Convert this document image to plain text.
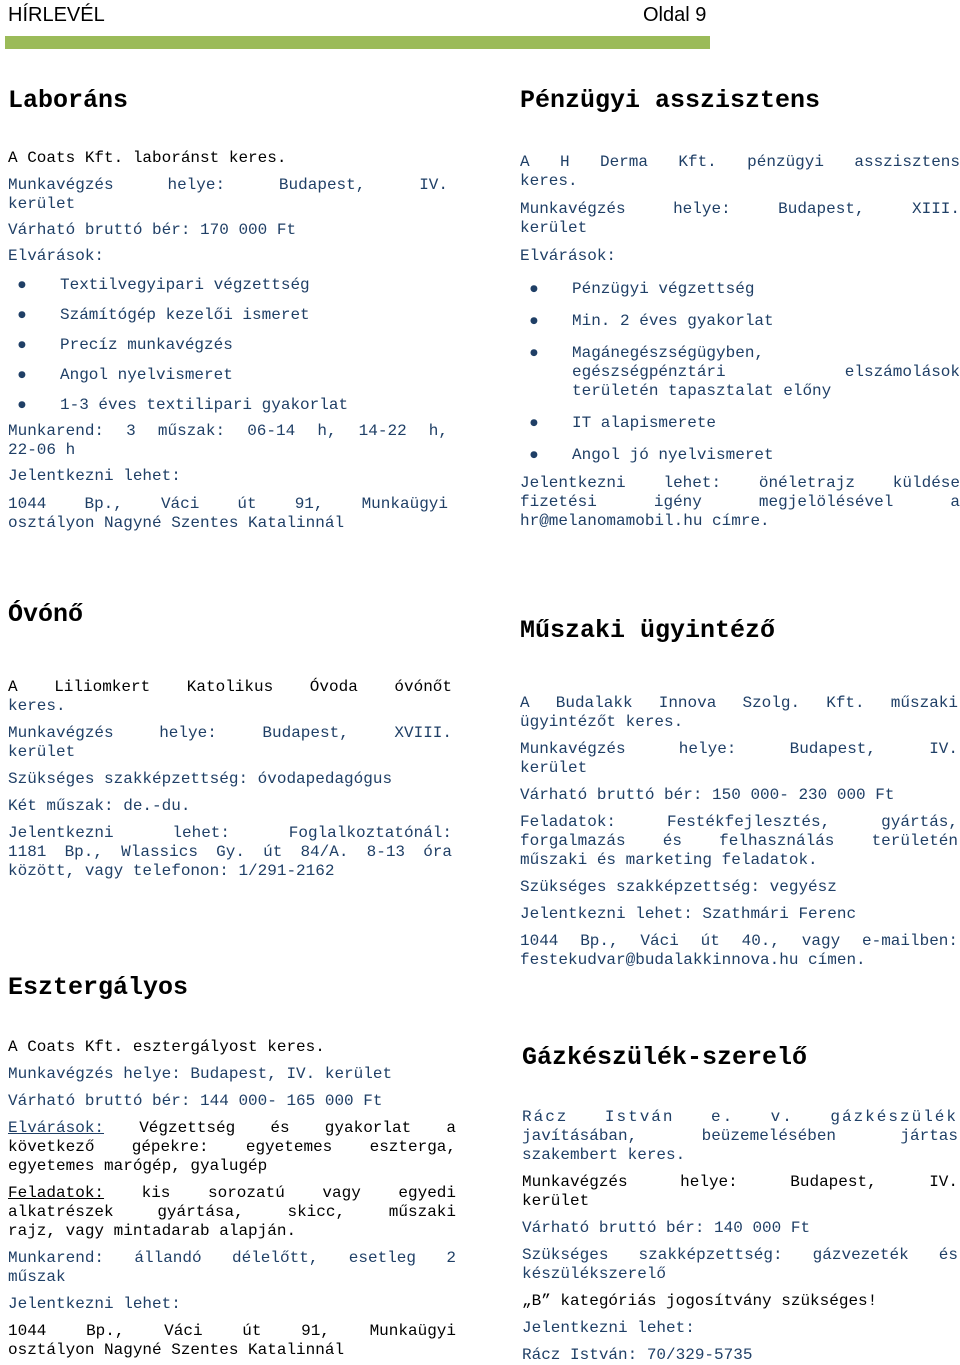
HÍRLEVÉL	Oldal 9

Laboráns

A Coats Kft. laboránst keres.

Munkavégzés helye: Budapest, IV.

kerület

Várható bruttó bér: 170 000 Ft

Elvárások:

● Textilvegyipari végzettség
● Számítógép kezelői ismeret
● Precíz munkavégzés
● Angol nyelvismeret
● 1-3 éves textilipari gyakorlat

Munkarend: 3 műszak: 06-14 h, 14-22 h,

22-06 h

Jelentkezni lehet:

1044 Bp., Váci út 91, Munkaügyi

osztályon Nagyné Szentes Katalinnál

Pénzügyi asszisztens

A H Derma Kft. pénzügyi asszisztens

keres.

Munkavégzés helye: Budapest, XIII.

kerület

Elvárások:

● Pénzügyi végzettség
● Min. 2 éves gyakorlat
● Magánegészségügyben,
egészségpénztári elszámolások
területén tapasztalat előny
● IT alapismerete
● Angol jó nyelvismeret

Jelentkezni lehet: önéletrajz küldése

fizetési igény megjelölésével a

hr@melanomamobil.hu címre.

Óvónő

A Liliomkert Katolikus Óvoda óvónőt

keres.

Munkavégzés helye: Budapest, XVIII.

kerület

Szükséges szakképzettség: óvodapedagógus

Két műszak: de.-du.

Jelentkezni lehet: Foglalkoztatónál:

1181 Bp., Wlassics Gy. út 84/A. 8-13 óra

között, vagy telefonon: 1/291-2162

Műszaki ügyintéző

A Budalakk Innova Szolg. Kft. műszaki

ügyintézőt keres.

Munkavégzés helye: Budapest, IV.

kerület

Várható bruttó bér: 150 000- 230 000 Ft

Feladatok: Festékfejlesztés, gyártás,

forgalmazás és felhasználás területén

műszaki és marketing feladatok.

Szükséges szakképzettség: vegyész

Jelentkezni lehet: Szathmári Ferenc

1044 Bp., Váci út 40., vagy e-mailben:

festekudvar@budalakkinnova.hu címen.

Esztergályos

A Coats Kft. esztergályost keres.

Munkavégzés helye: Budapest, IV. kerület

Várható bruttó bér: 144 000- 165 000 Ft

Elvárások: Végzettség és gyakorlat a

következő gépekre: egyetemes eszterga,

egyetemes marógép, gyalugép

Feladatok: kis sorozatú vagy egyedi

alkatrészek gyártása, skicc, műszaki

rajz, vagy mintadarab alapján.

Munkarend: állandó délelőtt, esetleg 2

műszak

Jelentkezni lehet:

1044 Bp., Váci út 91, Munkaügyi

osztályon Nagyné Szentes Katalinnál

Gázkészülék-szerelő

Rácz István e. v. gázkészülék

javításában, beüzemelésében jártas

szakembert keres.

Munkavégzés helye: Budapest, IV.

kerület

Várható bruttó bér: 140 000 Ft

Szükséges szakképzettség: gázvezeték és

készülékszerelő

„B” kategóriás jogosítvány szükséges!

Jelentkezni lehet:

Rácz István: 70/329-5735
